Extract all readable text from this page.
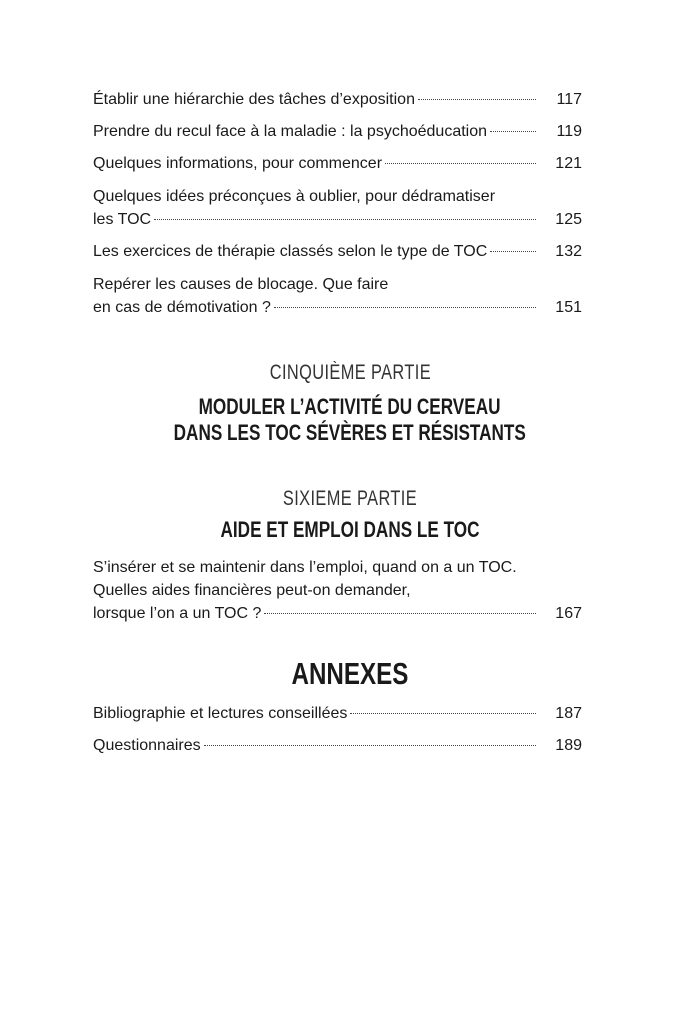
Établir une hiérarchie des tâches d’exposition	117
Prendre du recul face à la maladie : la psychoéducation	119
Quelques informations, pour commencer	121
Quelques idées préconçues à oublier, pour dédramatiser
les TOC	125
Les exercices de thérapie classés selon le type de TOC	132
Repérer les causes de blocage. Que faire
en cas de démotivation ?	151
CINQUIÈME PARTIE
MODULER L’ACTIVITÉ DU CERVEAU
DANS LES TOC SÉVÈRES ET RÉSISTANTS
SIXIEME PARTIE
AIDE ET EMPLOI DANS LE TOC
S’insérer et se maintenir dans l’emploi, quand on a un TOC.
Quelles aides financières peut-on demander,
lorsque l’on a un TOC ?	167
ANNEXES
Bibliographie et lectures conseillées	187
Questionnaires	189
